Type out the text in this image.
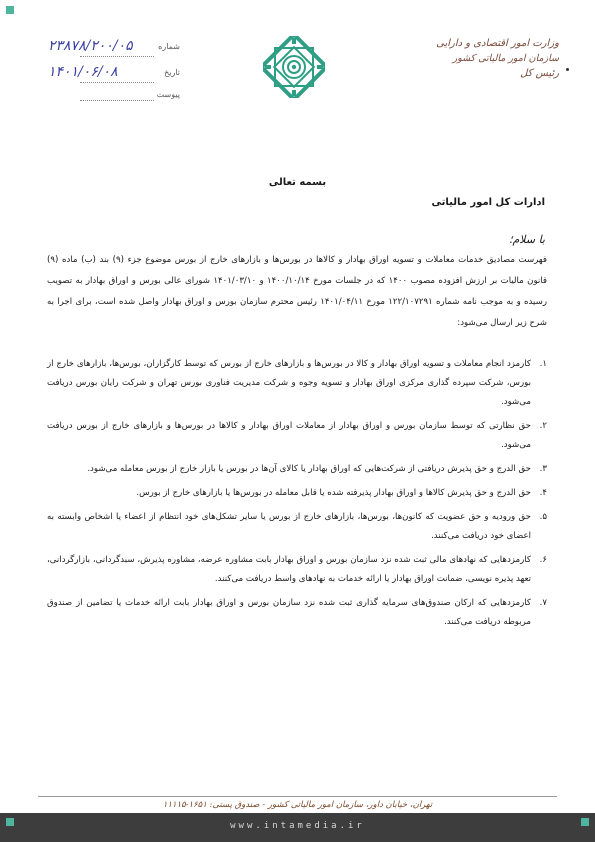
وزارت امور اقتصادی و دارایی
سازمان امور مالیاتی کشور
رئیس کل
۲۳۸۷۸/۲۰۰/۰۵	شماره
۱۴۰۱/۰۶/۰۸	تاریخ
پیوست
بسمه تعالی
ادارات کل امور مالیاتی
با سلام؛
فهرست مصادیق خدمات معاملات و تسویه اوراق بهادار و کالاها در بورس‌ها و بازارهای خارج از بورس موضوع جزء (۹) بند (ب) ماده (۹) قانون مالیات بر ارزش افزوده مصوب ۱۴۰۰ که در جلسات مورخ ۱۴۰۰/۱۰/۱۴ و ۱۴۰۱/۰۳/۱۰ شورای عالی بورس و اوراق بهادار به تصویب رسیده و به موجب نامه شماره ۱۲۲/۱۰۷۲۹۱ مورخ ۱۴۰۱/۰۴/۱۱ رئیس محترم سازمان بورس و اوراق بهادار واصل شده است، برای اجرا به شرح زیر ارسال می‌شود:
۱.
کارمزد انجام معاملات و تسویه اوراق بهادار و کالا در بورس‌ها و بازارهای خارج از بورس که توسط کارگزاران، بورس‌ها، بازارهای خارج از بورس، شرکت سپرده گذاری مرکزی اوراق بهادار و تسویه وجوه و شرکت مدیریت فناوری بورس تهران و شرکت رایان بورس دریافت می‌شود.
۲.
حق نظارتی که توسط سازمان بورس و اوراق بهادار از معاملات اوراق بهادار و کالاها در بورس‌ها و بازارهای خارج از بورس دریافت می‌شود.
۳.
حق الدرج و حق پذیرش دریافتی از شرکت‌هایی که اوراق بهادار یا کالای آن‌ها در بورس یا بازار خارج از بورس معامله می‌شود.
۴.
حق الدرج و حق پذیرش کالاها و اوراق بهادار پذیرفته شده یا قابل معامله در بورس‌ها یا بازارهای خارج از بورس.
۵.
حق ورودیه و حق عضویت که کانون‌ها، بورس‌ها، بازارهای خارج از بورس یا سایر تشکل‌های خود انتظام از اعضاء یا اشخاص وابسته به اعضای خود دریافت می‌کنند.
۶.
کارمزدهایی که نهادهای مالی ثبت شده نزد سازمان بورس و اوراق بهادار بابت مشاوره عرضه، مشاوره پذیرش، سبدگردانی، بازارگردانی، تعهد پذیره نویسی، ضمانت اوراق بهادار یا ارائه خدمات به نهادهای واسط دریافت می‌کنند.
۷.
کارمزدهایی که ارکان صندوق‌های سرمایه گذاری ثبت شده نزد سازمان بورس و اوراق بهادار بابت ارائه خدمات یا تضامین از صندوق مربوطه دریافت می‌کنند.
تهران، خیابان داور، سازمان امور مالیاتی کشور - صندوق پستی: ۱۶۵۱-۱۱۱۱۵
www.intamedia.ir
